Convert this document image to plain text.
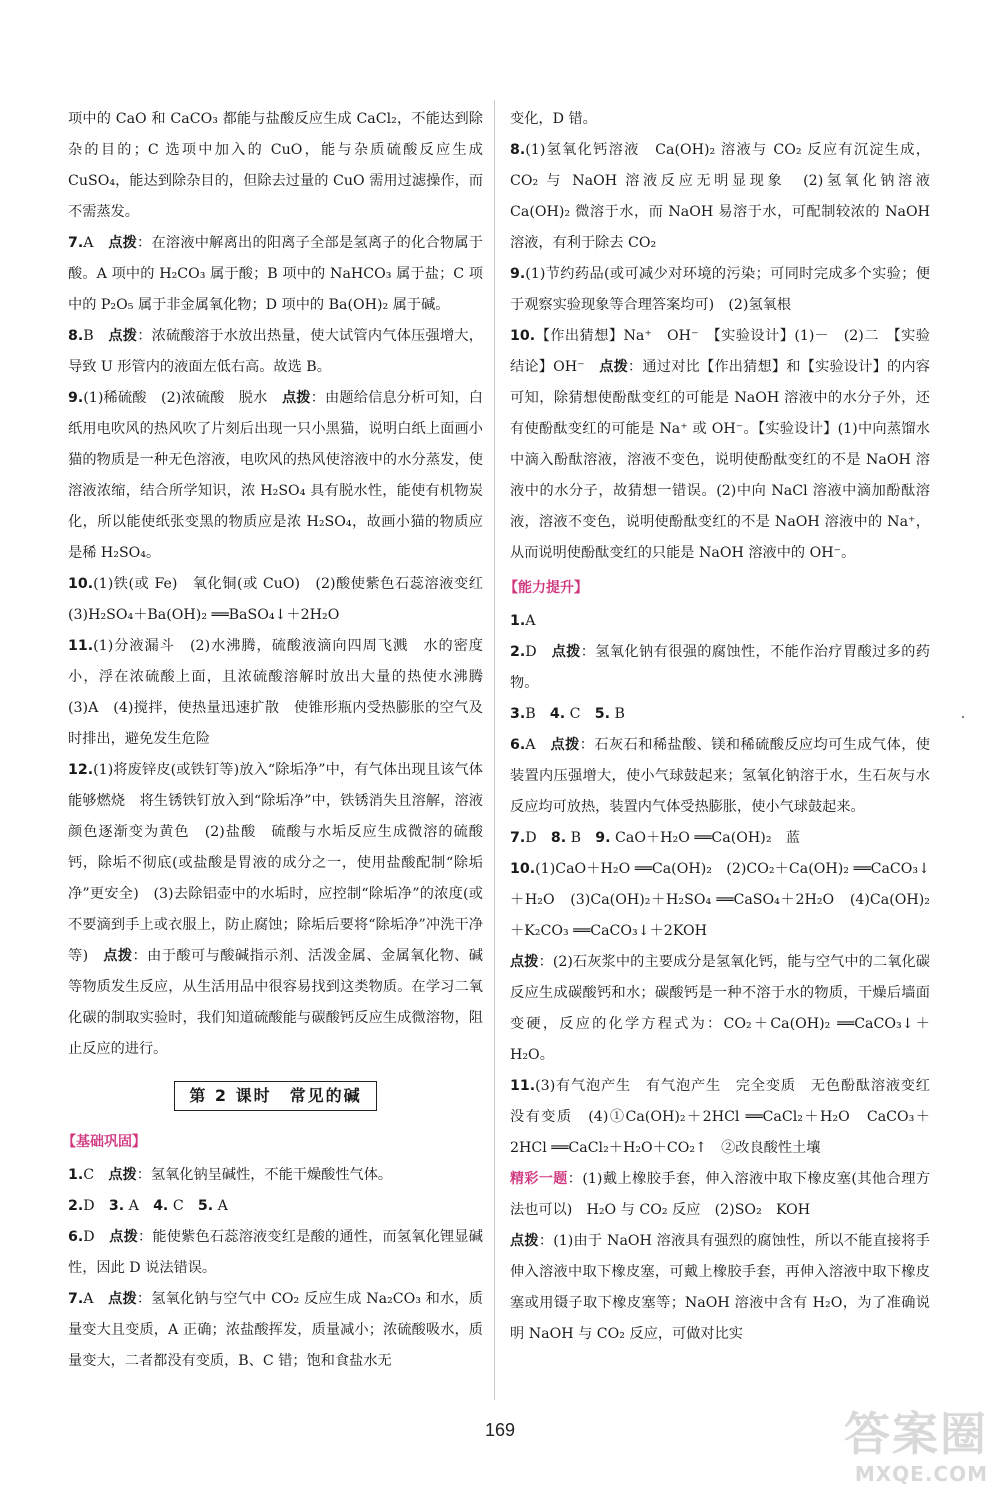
项中的 CaO 和 CaCO₃ 都能与盐酸反应生成 CaCl₂，不能达到除杂的目的；C 选项中加入的 CuO，能与杂质硫酸反应生成 CuSO₄，能达到除杂目的，但除去过量的 CuO 需用过滤操作，而不需蒸发。

7.A　点拨：在溶液中解离出的阳离子全部是氢离子的化合物属于酸。A 项中的 H₂CO₃ 属于酸；B 项中的 NaHCO₃ 属于盐；C 项中的 P₂O₅ 属于非金属氧化物；D 项中的 Ba(OH)₂ 属于碱。

8.B　点拨：浓硫酸溶于水放出热量，使大试管内气体压强增大，导致 U 形管内的液面左低右高。故选 B。

9.(1)稀硫酸　(2)浓硫酸　脱水　点拨：由题给信息分析可知，白纸用电吹风的热风吹了片刻后出现一只小黑猫，说明白纸上面画小猫的物质是一种无色溶液，电吹风的热风使溶液中的水分蒸发，使溶液浓缩，结合所学知识，浓 H₂SO₄ 具有脱水性，能使有机物炭化，所以能使纸张变黑的物质应是浓 H₂SO₄，故画小猫的物质应是稀 H₂SO₄。

10.(1)铁(或 Fe)　氧化铜(或 CuO)　(2)酸使紫色石蕊溶液变红　(3)H₂SO₄＋Ba(OH)₂ ══BaSO₄↓＋2H₂O

11.(1)分液漏斗　(2)水沸腾，硫酸液滴向四周飞溅　水的密度小，浮在浓硫酸上面，且浓硫酸溶解时放出大量的热使水沸腾　(3)A　(4)搅拌，使热量迅速扩散　使锥形瓶内受热膨胀的空气及时排出，避免发生危险

12.(1)将废锌皮(或铁钉等)放入“除垢净”中，有气体出现且该气体能够燃烧　将生锈铁钉放入到“除垢净”中，铁锈消失且溶解，溶液颜色逐渐变为黄色　(2)盐酸　硫酸与水垢反应生成微溶的硫酸钙，除垢不彻底(或盐酸是胃液的成分之一，使用盐酸配制“除垢净”更安全)　(3)去除铝壶中的水垢时，应控制“除垢净”的浓度(或不要滴到手上或衣服上，防止腐蚀；除垢后要将“除垢净”冲洗干净等)　点拨：由于酸可与酸碱指示剂、活泼金属、金属氧化物、碱等物质发生反应，从生活用品中很容易找到这类物质。在学习二氧化碳的制取实验时，我们知道硫酸能与碳酸钙反应生成微溶物，阻止反应的进行。

第 2 课时　常见的碱
【基础巩固】

1.C　点拨：氢氧化钠呈碱性，不能干燥酸性气体。

2.D　3. A　4. C　5. A

6.D　点拨：能使紫色石蕊溶液变红是酸的通性，而氢氧化锂显碱性，因此 D 说法错误。

7.A　点拨：氢氧化钠与空气中 CO₂ 反应生成 Na₂CO₃ 和水，质量变大且变质，A 正确；浓盐酸挥发，质量减小；浓硫酸吸水，质量变大，二者都没有变质，B、C 错；饱和食盐水无

变化，D 错。

8.(1)氢氧化钙溶液　Ca(OH)₂ 溶液与 CO₂ 反应有沉淀生成，CO₂ 与 NaOH 溶液反应无明显现象　(2)氢氧化钠溶液　Ca(OH)₂ 微溶于水，而 NaOH 易溶于水，可配制较浓的 NaOH 溶液，有利于除去 CO₂

9.(1)节约药品(或可减少对环境的污染；可同时完成多个实验；便于观察实验现象等合理答案均可)　(2)氢氧根

10.【作出猜想】Na⁺　OH⁻　【实验设计】(1)－　(2)二　【实验结论】OH⁻　点拨：通过对比【作出猜想】和【实验设计】的内容可知，除猜想使酚酞变红的可能是 NaOH 溶液中的水分子外，还有使酚酞变红的可能是 Na⁺ 或 OH⁻。【实验设计】(1)中向蒸馏水中滴入酚酞溶液，溶液不变色，说明使酚酞变红的不是 NaOH 溶液中的水分子，故猜想一错误。(2)中向 NaCl 溶液中滴加酚酞溶液，溶液不变色，说明使酚酞变红的不是 NaOH 溶液中的 Na⁺，从而说明使酚酞变红的只能是 NaOH 溶液中的 OH⁻。

【能力提升】

1.A

2.D　点拨：氢氧化钠有很强的腐蚀性，不能作治疗胃酸过多的药物。

3.B　4. C　5. B

6.A　点拨：石灰石和稀盐酸、镁和稀硫酸反应均可生成气体，使装置内压强增大，使小气球鼓起来；氢氧化钠溶于水，生石灰与水反应均可放热，装置内气体受热膨胀，使小气球鼓起来。

7.D　8. B　9. CaO＋H₂O ══Ca(OH)₂　蓝

10.(1)CaO＋H₂O ══Ca(OH)₂　(2)CO₂＋Ca(OH)₂ ══CaCO₃↓＋H₂O　(3)Ca(OH)₂＋H₂SO₄ ══CaSO₄＋2H₂O　(4)Ca(OH)₂＋K₂CO₃ ══CaCO₃↓＋2KOH

点拨：(2)石灰浆中的主要成分是氢氧化钙，能与空气中的二氧化碳反应生成碳酸钙和水；碳酸钙是一种不溶于水的物质，干燥后墙面变硬，反应的化学方程式为：CO₂＋Ca(OH)₂ ══CaCO₃↓＋H₂O。

11.(3)有气泡产生　有气泡产生　完全变质　无色酚酞溶液变红　没有变质　(4)①Ca(OH)₂＋2HCl ══CaCl₂＋H₂O　CaCO₃＋2HCl ══CaCl₂＋H₂O＋CO₂↑　②改良酸性土壤

精彩一题：(1)戴上橡胶手套，伸入溶液中取下橡皮塞(其他合理方法也可以)　H₂O 与 CO₂ 反应　(2)SO₂　KOH

点拨：(1)由于 NaOH 溶液具有强烈的腐蚀性，所以不能直接将手伸入溶液中取下橡皮塞，可戴上橡胶手套，再伸入溶液中取下橡皮塞或用镊子取下橡皮塞等；NaOH 溶液中含有 H₂O，为了准确说明 NaOH 与 CO₂ 反应，可做对比实

169	答案圈
MXQE.COM
